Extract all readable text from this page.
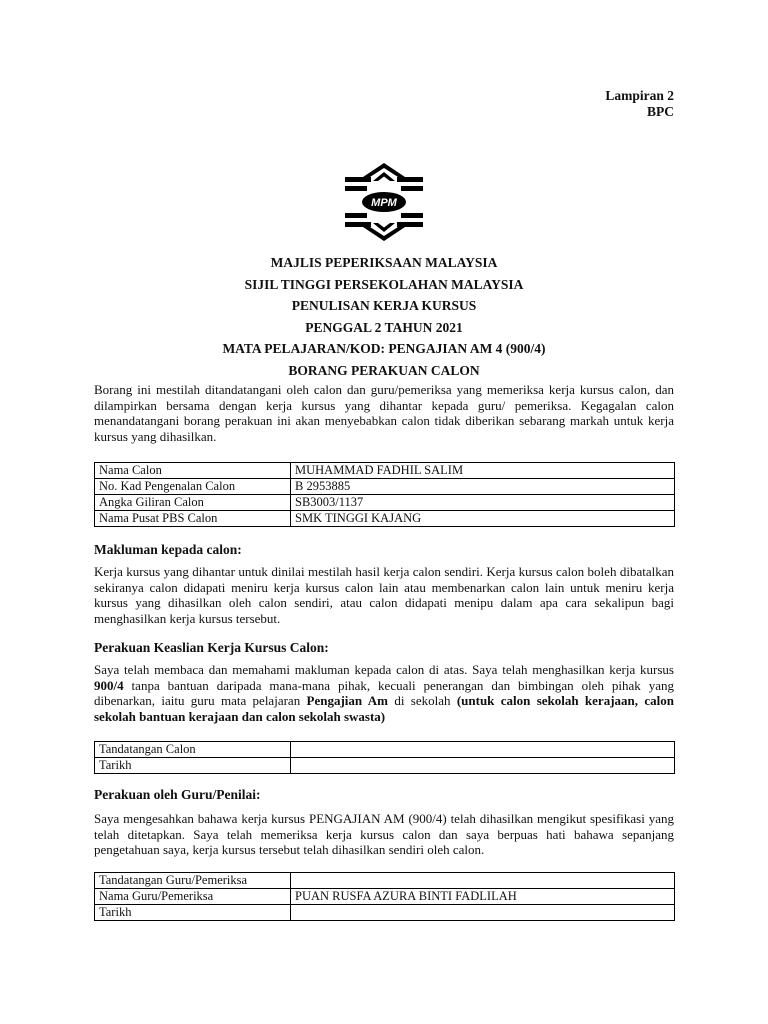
Lampiran 2
BPC
MPM
MAJLIS PEPERIKSAAN MALAYSIA
SIJIL TINGGI PERSEKOLAHAN MALAYSIA
PENULISAN KERJA KURSUS
PENGGAL 2 TAHUN 2021
MATA PELAJARAN/KOD: PENGAJIAN AM 4 (900/4)
BORANG PERAKUAN CALON
Borang ini mestilah ditandatangani oleh calon dan guru/pemeriksa yang memeriksa kerja kursus calon, dan dilampirkan bersama dengan kerja kursus yang dihantar kepada guru/ pemeriksa. Kegagalan calon menandatangani borang perakuan ini akan menyebabkan calon tidak diberikan sebarang markah untuk kerja kursus yang dihasilkan.
Nama Calon	MUHAMMAD FADHIL SALIM
No. Kad Pengenalan Calon	B 2953885
Angka Giliran Calon	SB3003/1137
Nama Pusat PBS Calon	SMK TINGGI KAJANG
Makluman kepada calon:
Kerja kursus yang dihantar untuk dinilai mestilah hasil kerja calon sendiri. Kerja kursus calon boleh dibatalkan sekiranya calon didapati meniru kerja kursus calon lain atau membenarkan calon lain untuk meniru kerja kursus yang dihasilkan oleh calon sendiri, atau calon didapati menipu dalam apa cara sekalipun bagi menghasilkan kerja kursus tersebut.
Perakuan Keaslian Kerja Kursus Calon:
Saya telah membaca dan memahami makluman kepada calon di atas. Saya telah menghasilkan kerja kursus 900/4 tanpa bantuan daripada mana-mana pihak, kecuali penerangan dan bimbingan oleh pihak yang dibenarkan, iaitu guru mata pelajaran Pengajian Am di sekolah (untuk calon sekolah kerajaan, calon sekolah bantuan kerajaan dan calon sekolah swasta)
Tandatangan Calon	
Tarikh	
Perakuan oleh Guru/Penilai:
Saya mengesahkan bahawa kerja kursus PENGAJIAN AM (900/4) telah dihasilkan mengikut spesifikasi yang telah ditetapkan. Saya telah memeriksa kerja kursus calon dan saya berpuas hati bahawa sepanjang pengetahuan saya, kerja kursus tersebut telah dihasilkan sendiri oleh calon.
Tandatangan Guru/Pemeriksa	
Nama Guru/Pemeriksa	PUAN RUSFA AZURA BINTI FADLILAH
Tarikh	
